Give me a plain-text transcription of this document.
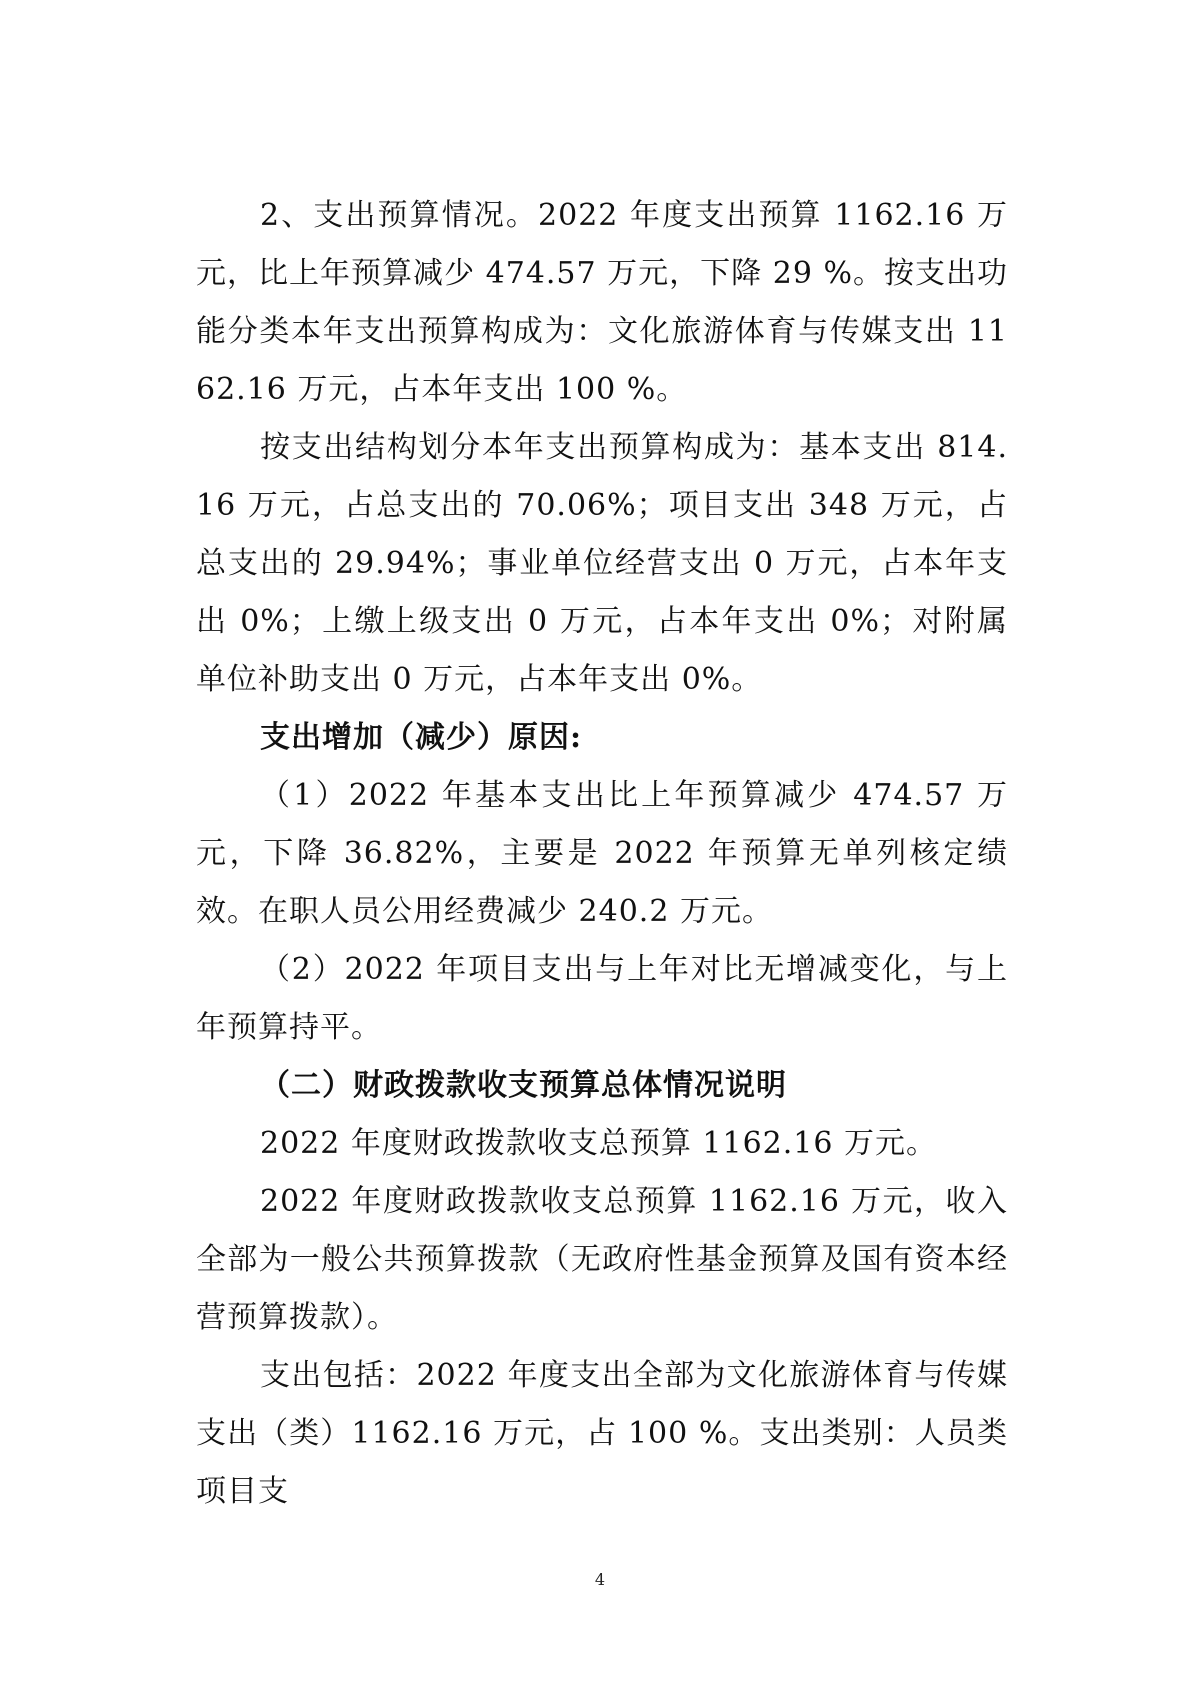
2、支出预算情况。2022 年度支出预算 1162.16 万元，比上年预算减少 474.57 万元，下降 29 %。按支出功能分类本年支出预算构成为：文化旅游体育与传媒支出 1162.16 万元，占本年支出 100 %。

按支出结构划分本年支出预算构成为：基本支出 814.16 万元，占总支出的 70.06%；项目支出 348 万元，占总支出的 29.94%；事业单位经营支出 0 万元，占本年支出 0%；上缴上级支出 0 万元，占本年支出 0%；对附属单位补助支出 0 万元，占本年支出 0%。

支出增加（减少）原因:

（1）2022 年基本支出比上年预算减少 474.57 万元，下降 36.82%，主要是 2022 年预算无单列核定绩效。在职人员公用经费减少 240.2 万元。

（2）2022 年项目支出与上年对比无增减变化，与上年预算持平。

（二）财政拨款收支预算总体情况说明

2022 年度财政拨款收支总预算 1162.16 万元。

2022 年度财政拨款收支总预算 1162.16 万元，收入全部为一般公共预算拨款（无政府性基金预算及国有资本经营预算拨款）。

支出包括：2022 年度支出全部为文化旅游体育与传媒支出（类）1162.16 万元，占 100 %。支出类别：人员类项目支

4
